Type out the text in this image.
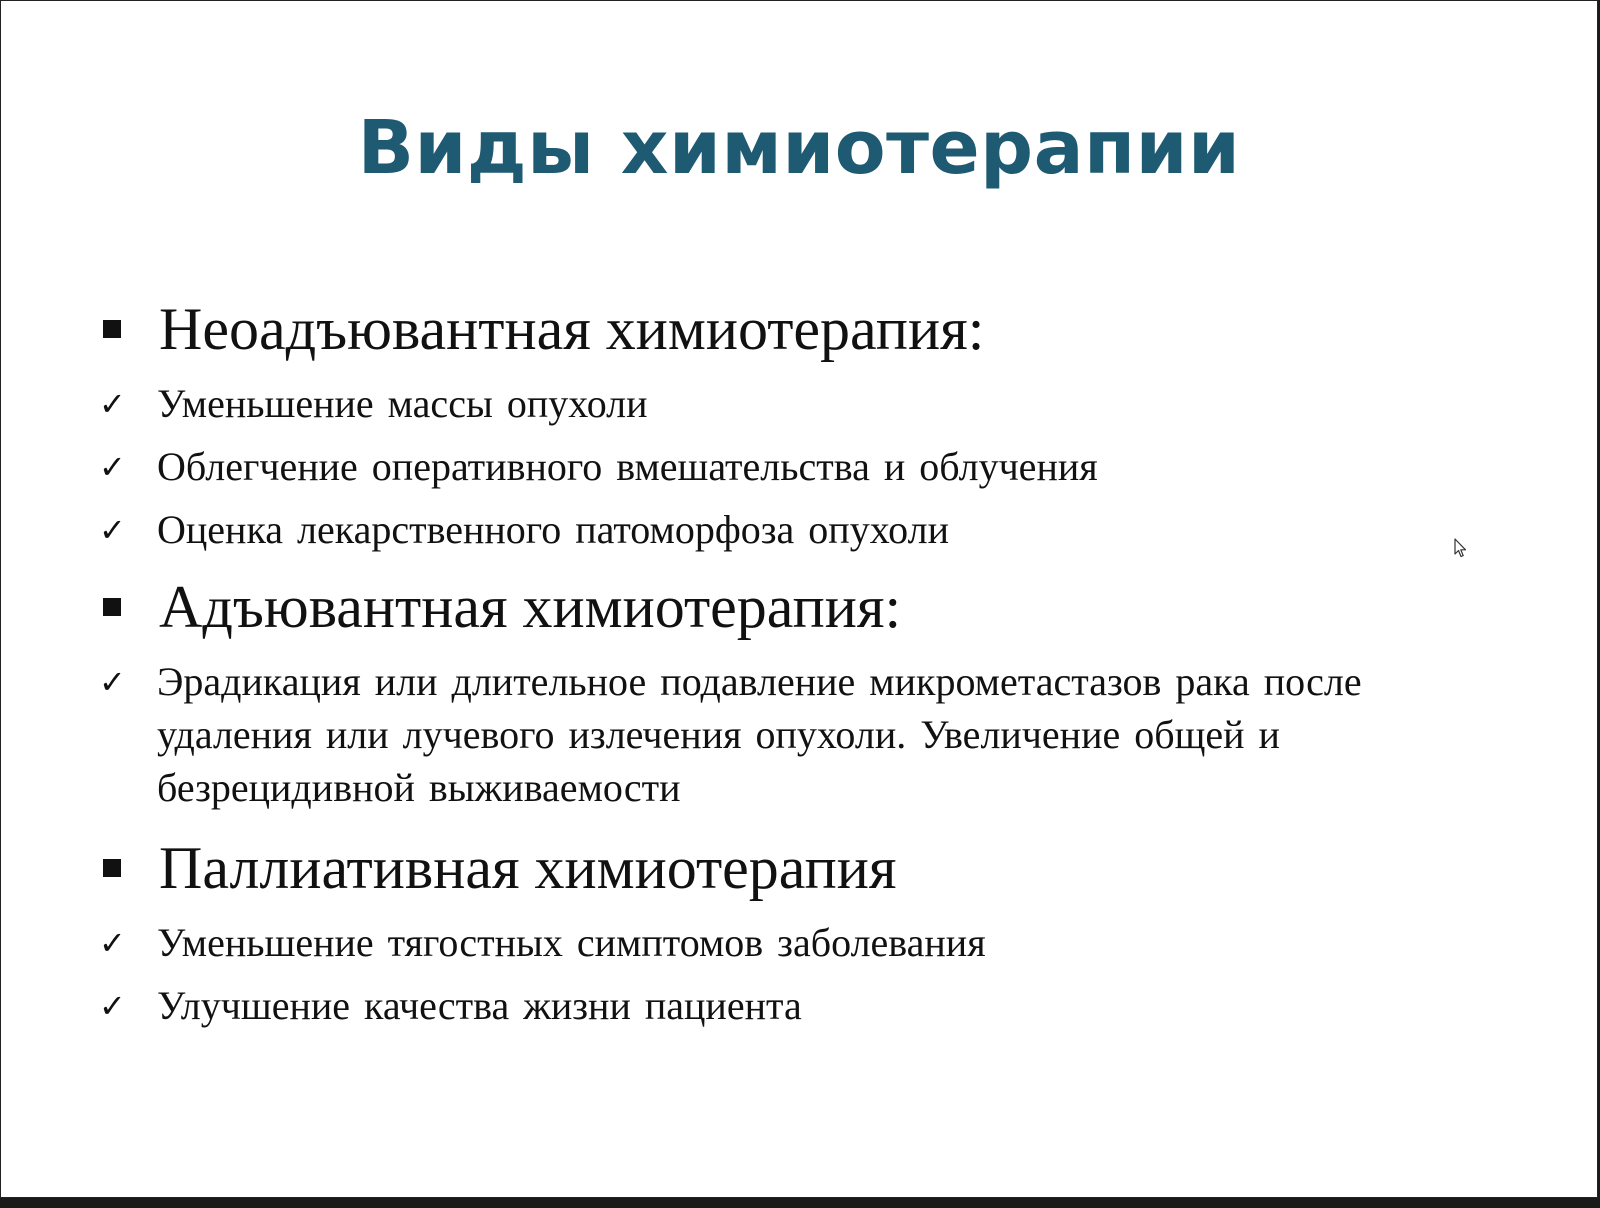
Виды химиотерапии
Неоадъювантная химиотерапия:
✓ Уменьшение массы опухоли
✓ Облегчение оперативного вмешательства и облучения
✓ Оценка лекарственного патоморфоза опухоли
Адъювантная химиотерапия:
✓ Эрадикация или длительное подавление микрометастазов рака после удаления или лучевого излечения опухоли. Увеличение общей и безрецидивной выживаемости
Паллиативная химиотерапия
✓ Уменьшение тягостных симптомов заболевания
✓ Улучшение качества жизни пациента
